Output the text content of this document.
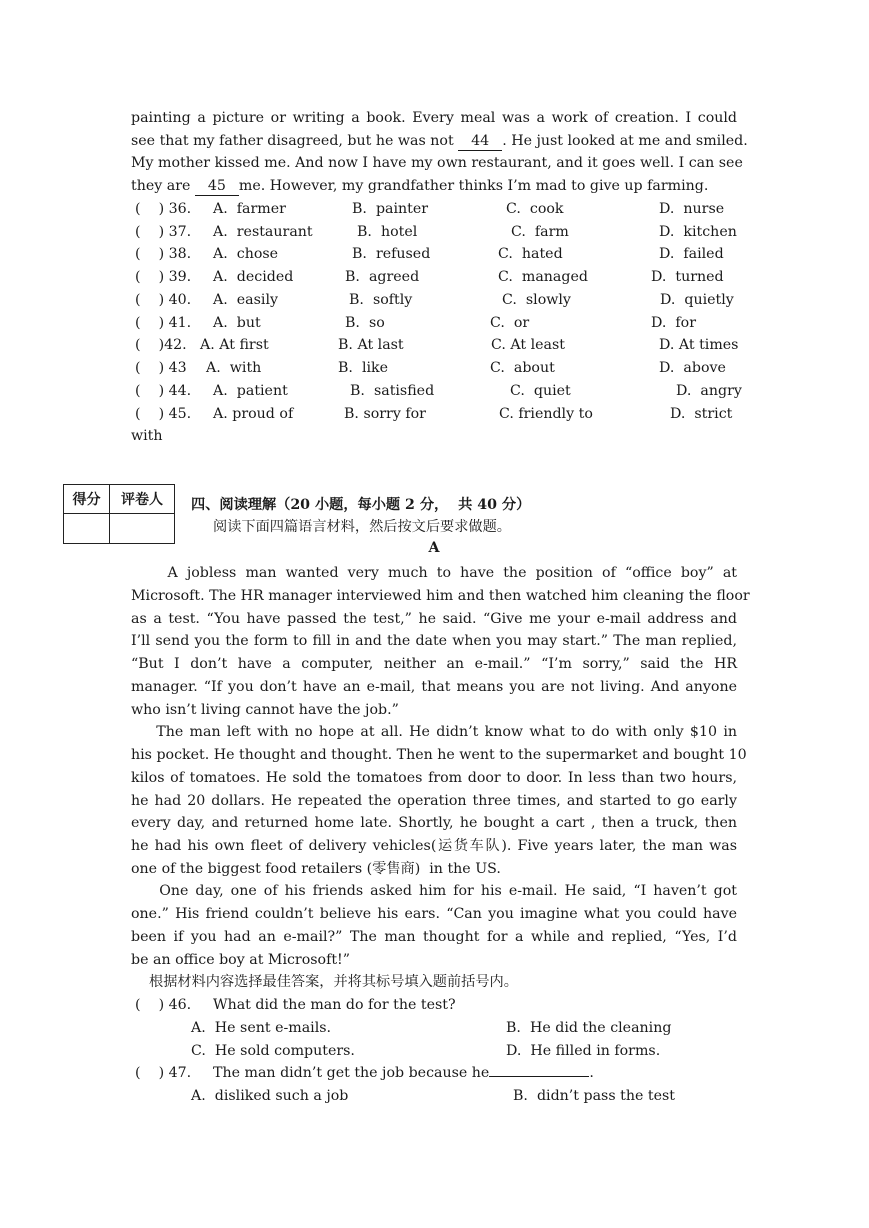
painting a picture or writing a book. Every meal was a work of creation. I could
see that my father disagreed, but he was not 44 . He just looked at me and smiled.
My mother kissed me. And now I have my own restaurant, and it goes well. I can see
they are 45 me. However, my grandfather thinks I’m mad to give up farming.
(    ) 36. A.  farmer	B.  painter	C.  cook	D.  nurse
(    ) 37. A.  restaurant	B.  hotel	C.  farm	D.  kitchen
(    ) 38. A.  chose	B.  refused	C.  hated	D.  failed
(    ) 39. A.  decided	B.  agreed	C.  managed	D.  turned
(    ) 40. A.  easily	B.  softly	C.  slowly	D.  quietly
(    ) 41. A.  but	B.  so	C.  or	D.  for
(    )42. A. At first	B. At last	C. At least	D. At times
(    ) 43 A.  with	B.  like	C.  about	D.  above
(    ) 44. A.  patient	B.  satisfied	C.  quiet	D.  angry
(    ) 45. A. proud of	B. sorry for	C. friendly to	D.  strict
with
得分	评卷人
	四、阅读理解（20 小题，每小题 2 分，  共 40 分）
阅读下面四篇语言材料，然后按文后要求做题。
A
A jobless man wanted very much to have the position of “office boy” at
Microsoft. The HR manager interviewed him and then watched him cleaning the floor
as a test. “You have passed the test,” he said. “Give me your e-mail address and
I’ll send you the form to fill in and the date when you may start.” The man replied,
“But I don’t have a computer, neither an e-mail.” “I’m sorry,” said the HR
manager. “If you don’t have an e-mail, that means you are not living. And anyone
who isn’t living cannot have the job.”
The man left with no hope at all. He didn’t know what to do with only $10 in
his pocket. He thought and thought. Then he went to the supermarket and bought 10
kilos of tomatoes. He sold the tomatoes from door to door. In less than two hours,
he had 20 dollars. He repeated the operation three times, and started to go early
every day, and returned home late. Shortly, he bought a cart , then a truck, then
he had his own fleet of delivery vehicles(运货车队). Five years later, the man was
one of the biggest food retailers (零售商)  in the US.
One day, one of his friends asked him for his e-mail. He said, “I haven’t got
one.” His friend couldn’t believe his ears. “Can you imagine what you could have
been if you had an e-mail?” The man thought for a while and replied, “Yes, I’d
be an office boy at Microsoft!”
根据材料内容选择最佳答案，并将其标号填入题前括号内。
(    ) 46. What did the man do for the test?
A.  He sent e-mails.	B.  He did the cleaning
C.  He sold computers.	D.  He filled in forms.
(    ) 47. The man didn’t get the job because he	.
A.  disliked such a job	B.  didn’t pass the test
